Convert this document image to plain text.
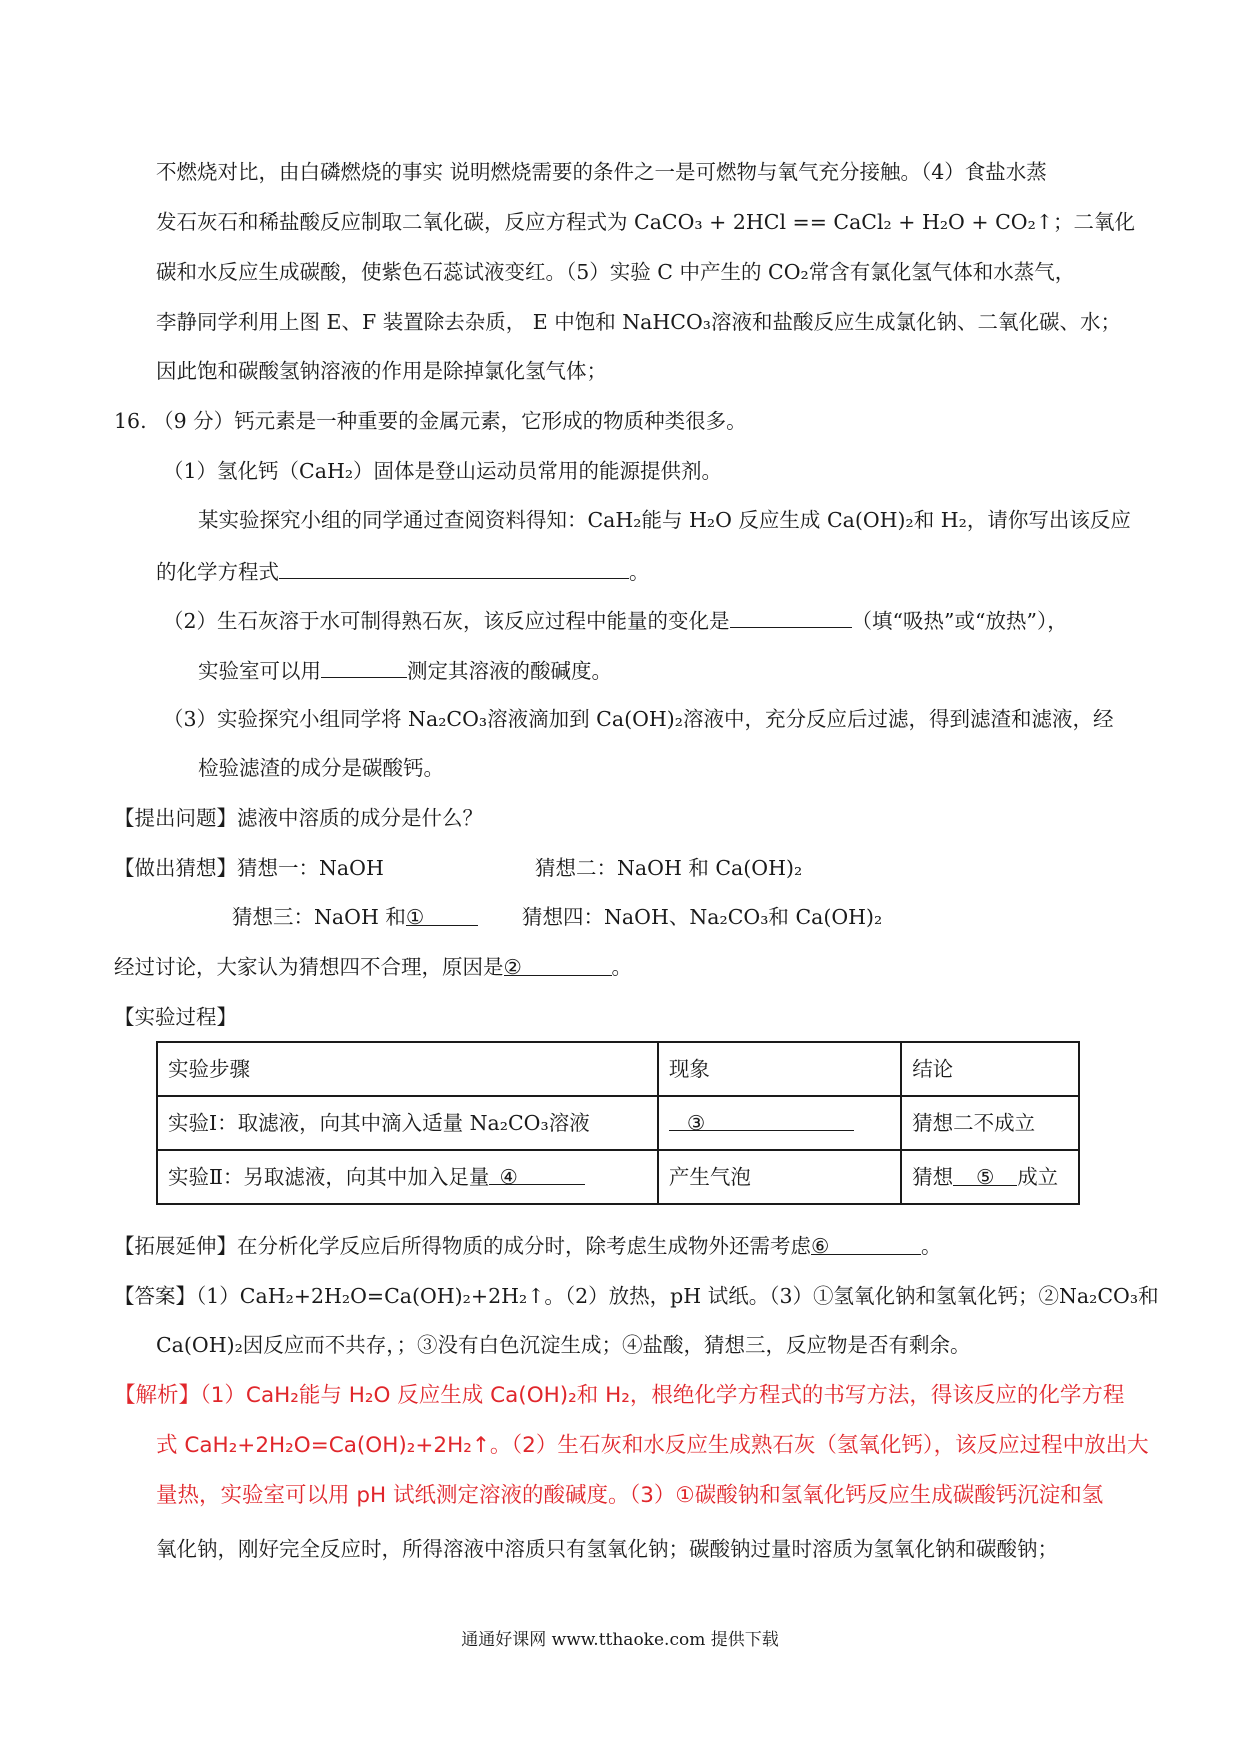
不燃烧对比，由白磷燃烧的事实 说明燃烧需要的条件之一是可燃物与氧气充分接触。（4）食盐水蒸
发石灰石和稀盐酸反应制取二氧化碳，反应方程式为 CaCO₃ + 2HCl == CaCl₂ + H₂O + CO₂↑；二氧化
碳和水反应生成碳酸，使紫色石蕊试液变红。（5）实验 C 中产生的 CO₂常含有氯化氢气体和水蒸气，
李静同学利用上图 E、F 装置除去杂质， E 中饱和 NaHCO₃溶液和盐酸反应生成氯化钠、二氧化碳、水；
因此饱和碳酸氢钠溶液的作用是除掉氯化氢气体；
16. （9 分）钙元素是一种重要的金属元素，它形成的物质种类很多。
（1）氢化钙（CaH₂）固体是登山运动员常用的能源提供剂。
某实验探究小组的同学通过查阅资料得知：CaH₂能与 H₂O 反应生成 Ca(OH)₂和 H₂，请你写出该反应
的化学方程式	。
（2）生石灰溶于水可制得熟石灰，该反应过程中能量的变化是	（填“吸热”或“放热”），
实验室可以用	测定其溶液的酸碱度。
（3）实验探究小组同学将 Na₂CO₃溶液滴加到 Ca(OH)₂溶液中，充分反应后过滤，得到滤渣和滤液，经
检验滤渣的成分是碳酸钙。
【提出问题】滤液中溶质的成分是什么？
【做出猜想】猜想一：NaOH	猜想二：NaOH 和 Ca(OH)₂
猜想三：NaOH 和①	猜想四：NaOH、Na₂CO₃和 Ca(OH)₂
经过讨论，大家认为猜想四不合理，原因是②	。
【实验过程】
实验步骤	现象	结论
实验Ⅰ：取滤液，向其中滴入适量 Na₂CO₃溶液	③	猜想二不成立
实验Ⅱ：另取滤液，向其中加入足量 ④	产生气泡	猜想 ⑤ 成立
【拓展延伸】在分析化学反应后所得物质的成分时，除考虑生成物外还需考虑⑥	。
【答案】（1）CaH₂+2H₂O=Ca(OH)₂+2H₂↑。（2）放热，pH 试纸。（3）①氢氧化钠和氢氧化钙；②Na₂CO₃和
Ca(OH)₂因反应而不共存，；③没有白色沉淀生成；④盐酸，猜想三，反应物是否有剩余。
【解析】（1）CaH₂能与 H₂O 反应生成 Ca(OH)₂和 H₂，根绝化学方程式的书写方法，得该反应的化学方程
式 CaH₂+2H₂O=Ca(OH)₂+2H₂↑。（2）生石灰和水反应生成熟石灰（氢氧化钙），该反应过程中放出大
量热，实验室可以用 pH 试纸测定溶液的酸碱度。（3）①碳酸钠和氢氧化钙反应生成碳酸钙沉淀和氢
氧化钠，刚好完全反应时，所得溶液中溶质只有氢氧化钠；碳酸钠过量时溶质为氢氧化钠和碳酸钠；
通通好课网 www.tthaoke.com 提供下载
